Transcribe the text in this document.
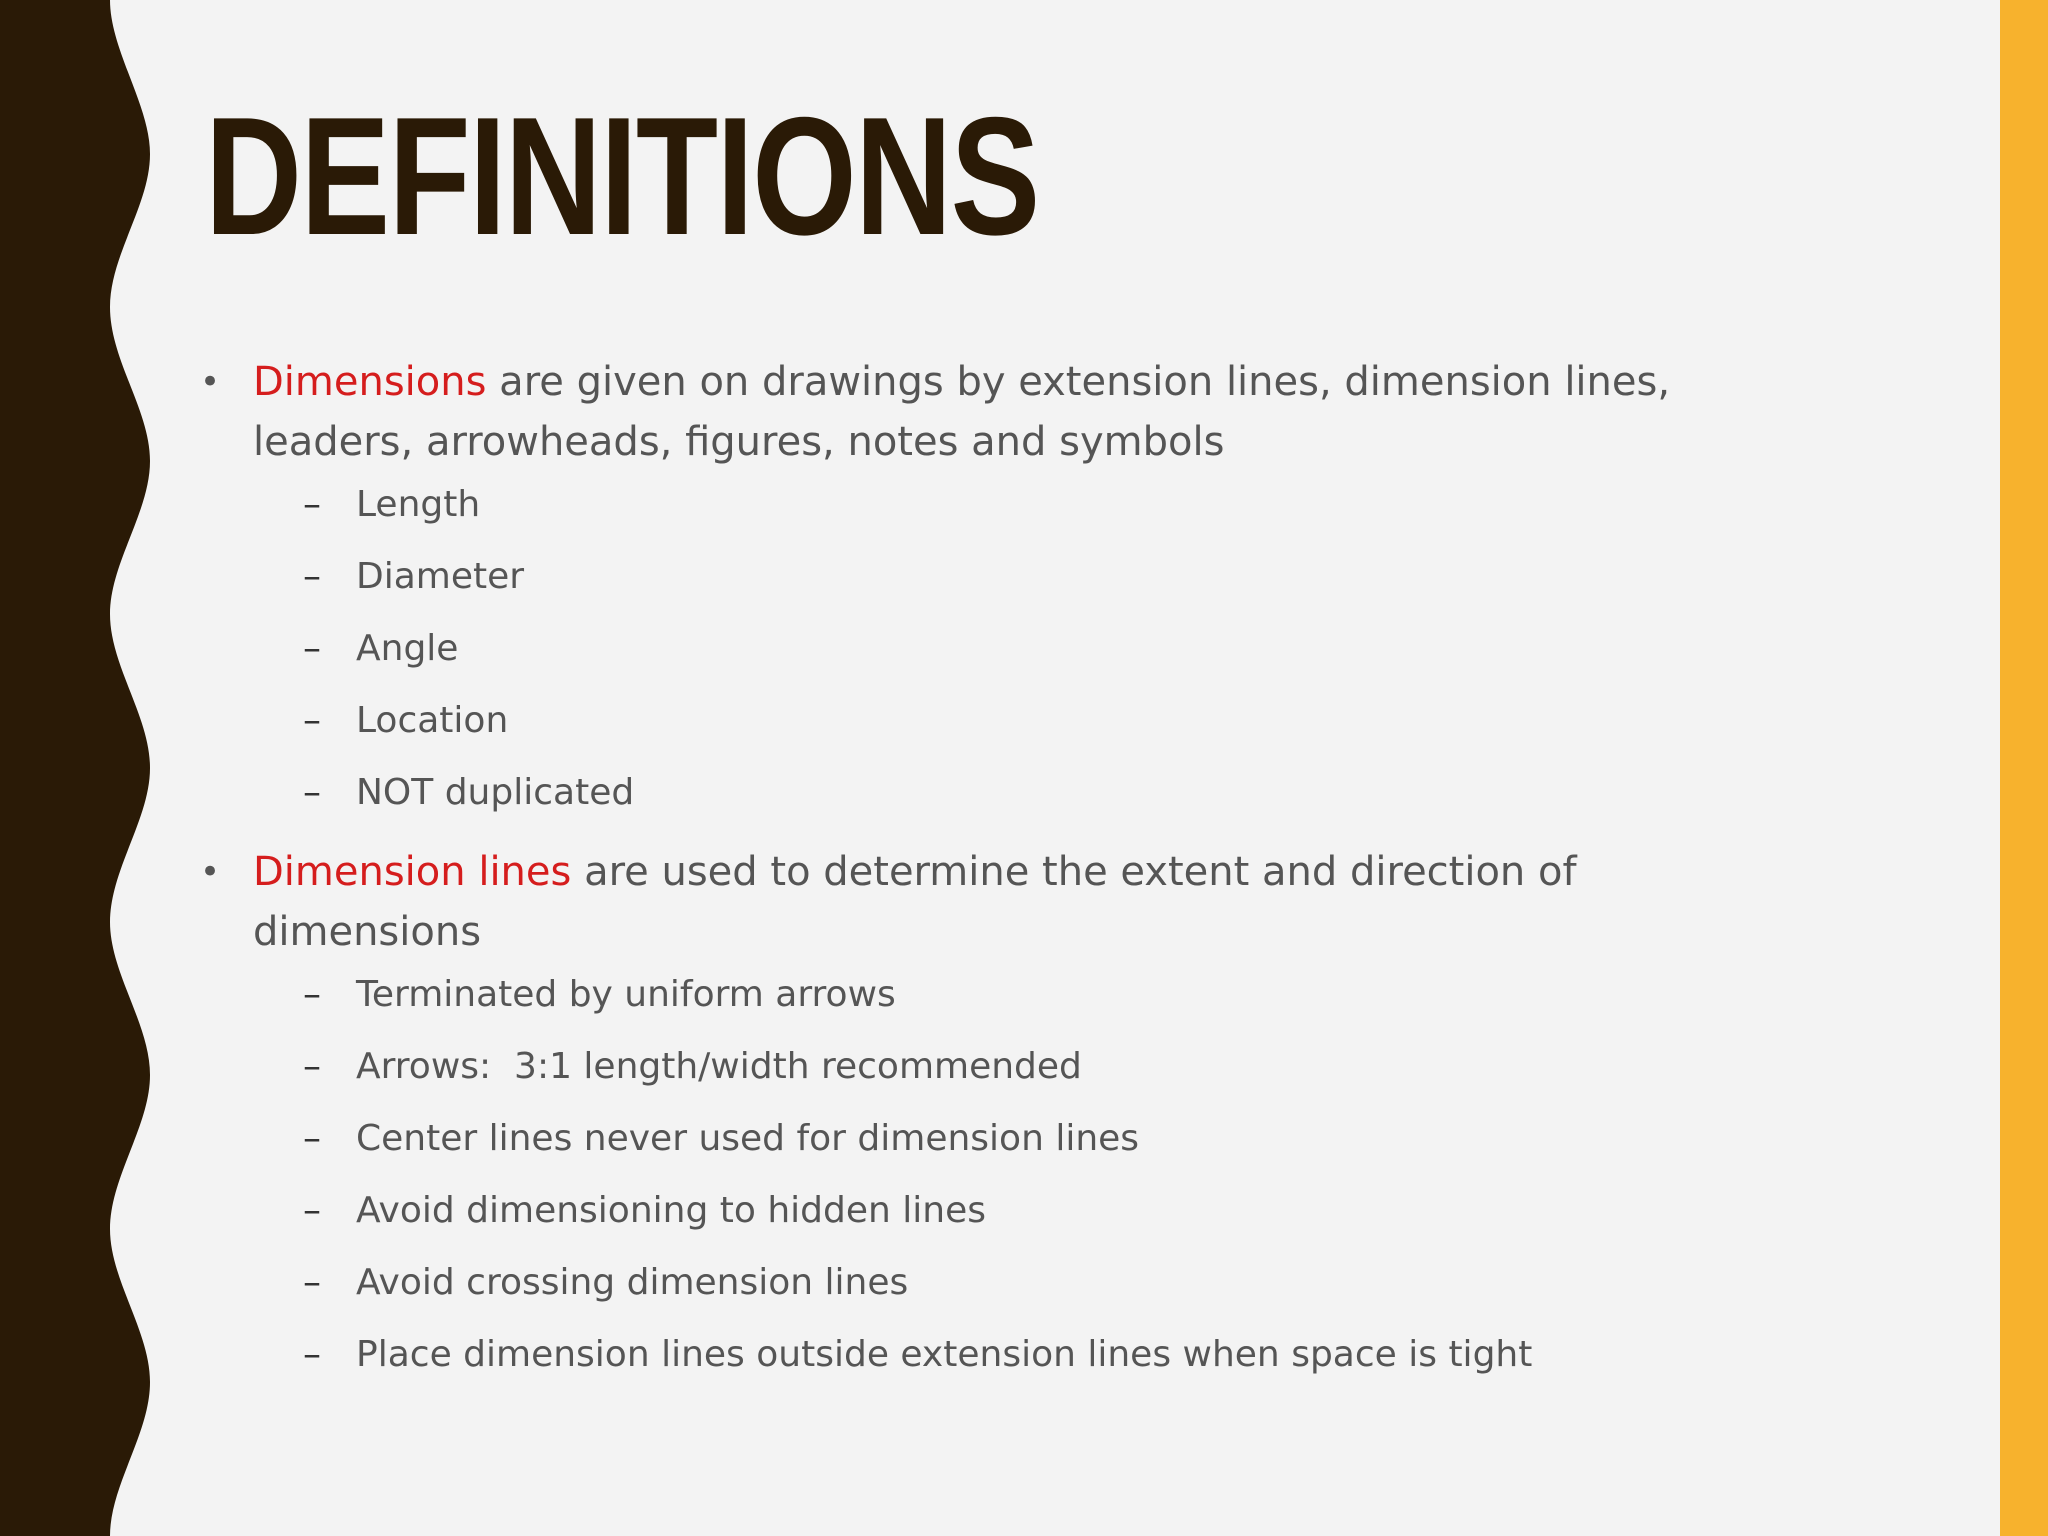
DEFINITIONS
• Dimensions are given on drawings by extension lines, dimension lines, leaders, arrowheads, figures, notes and symbols
– Length
– Diameter
– Angle
– Location
– NOT duplicated
• Dimension lines are used to determine the extent and direction of dimensions
– Terminated by uniform arrows
– Arrows:  3:1 length/width recommended
– Center lines never used for dimension lines
– Avoid dimensioning to hidden lines
– Avoid crossing dimension lines
– Place dimension lines outside extension lines when space is tight
